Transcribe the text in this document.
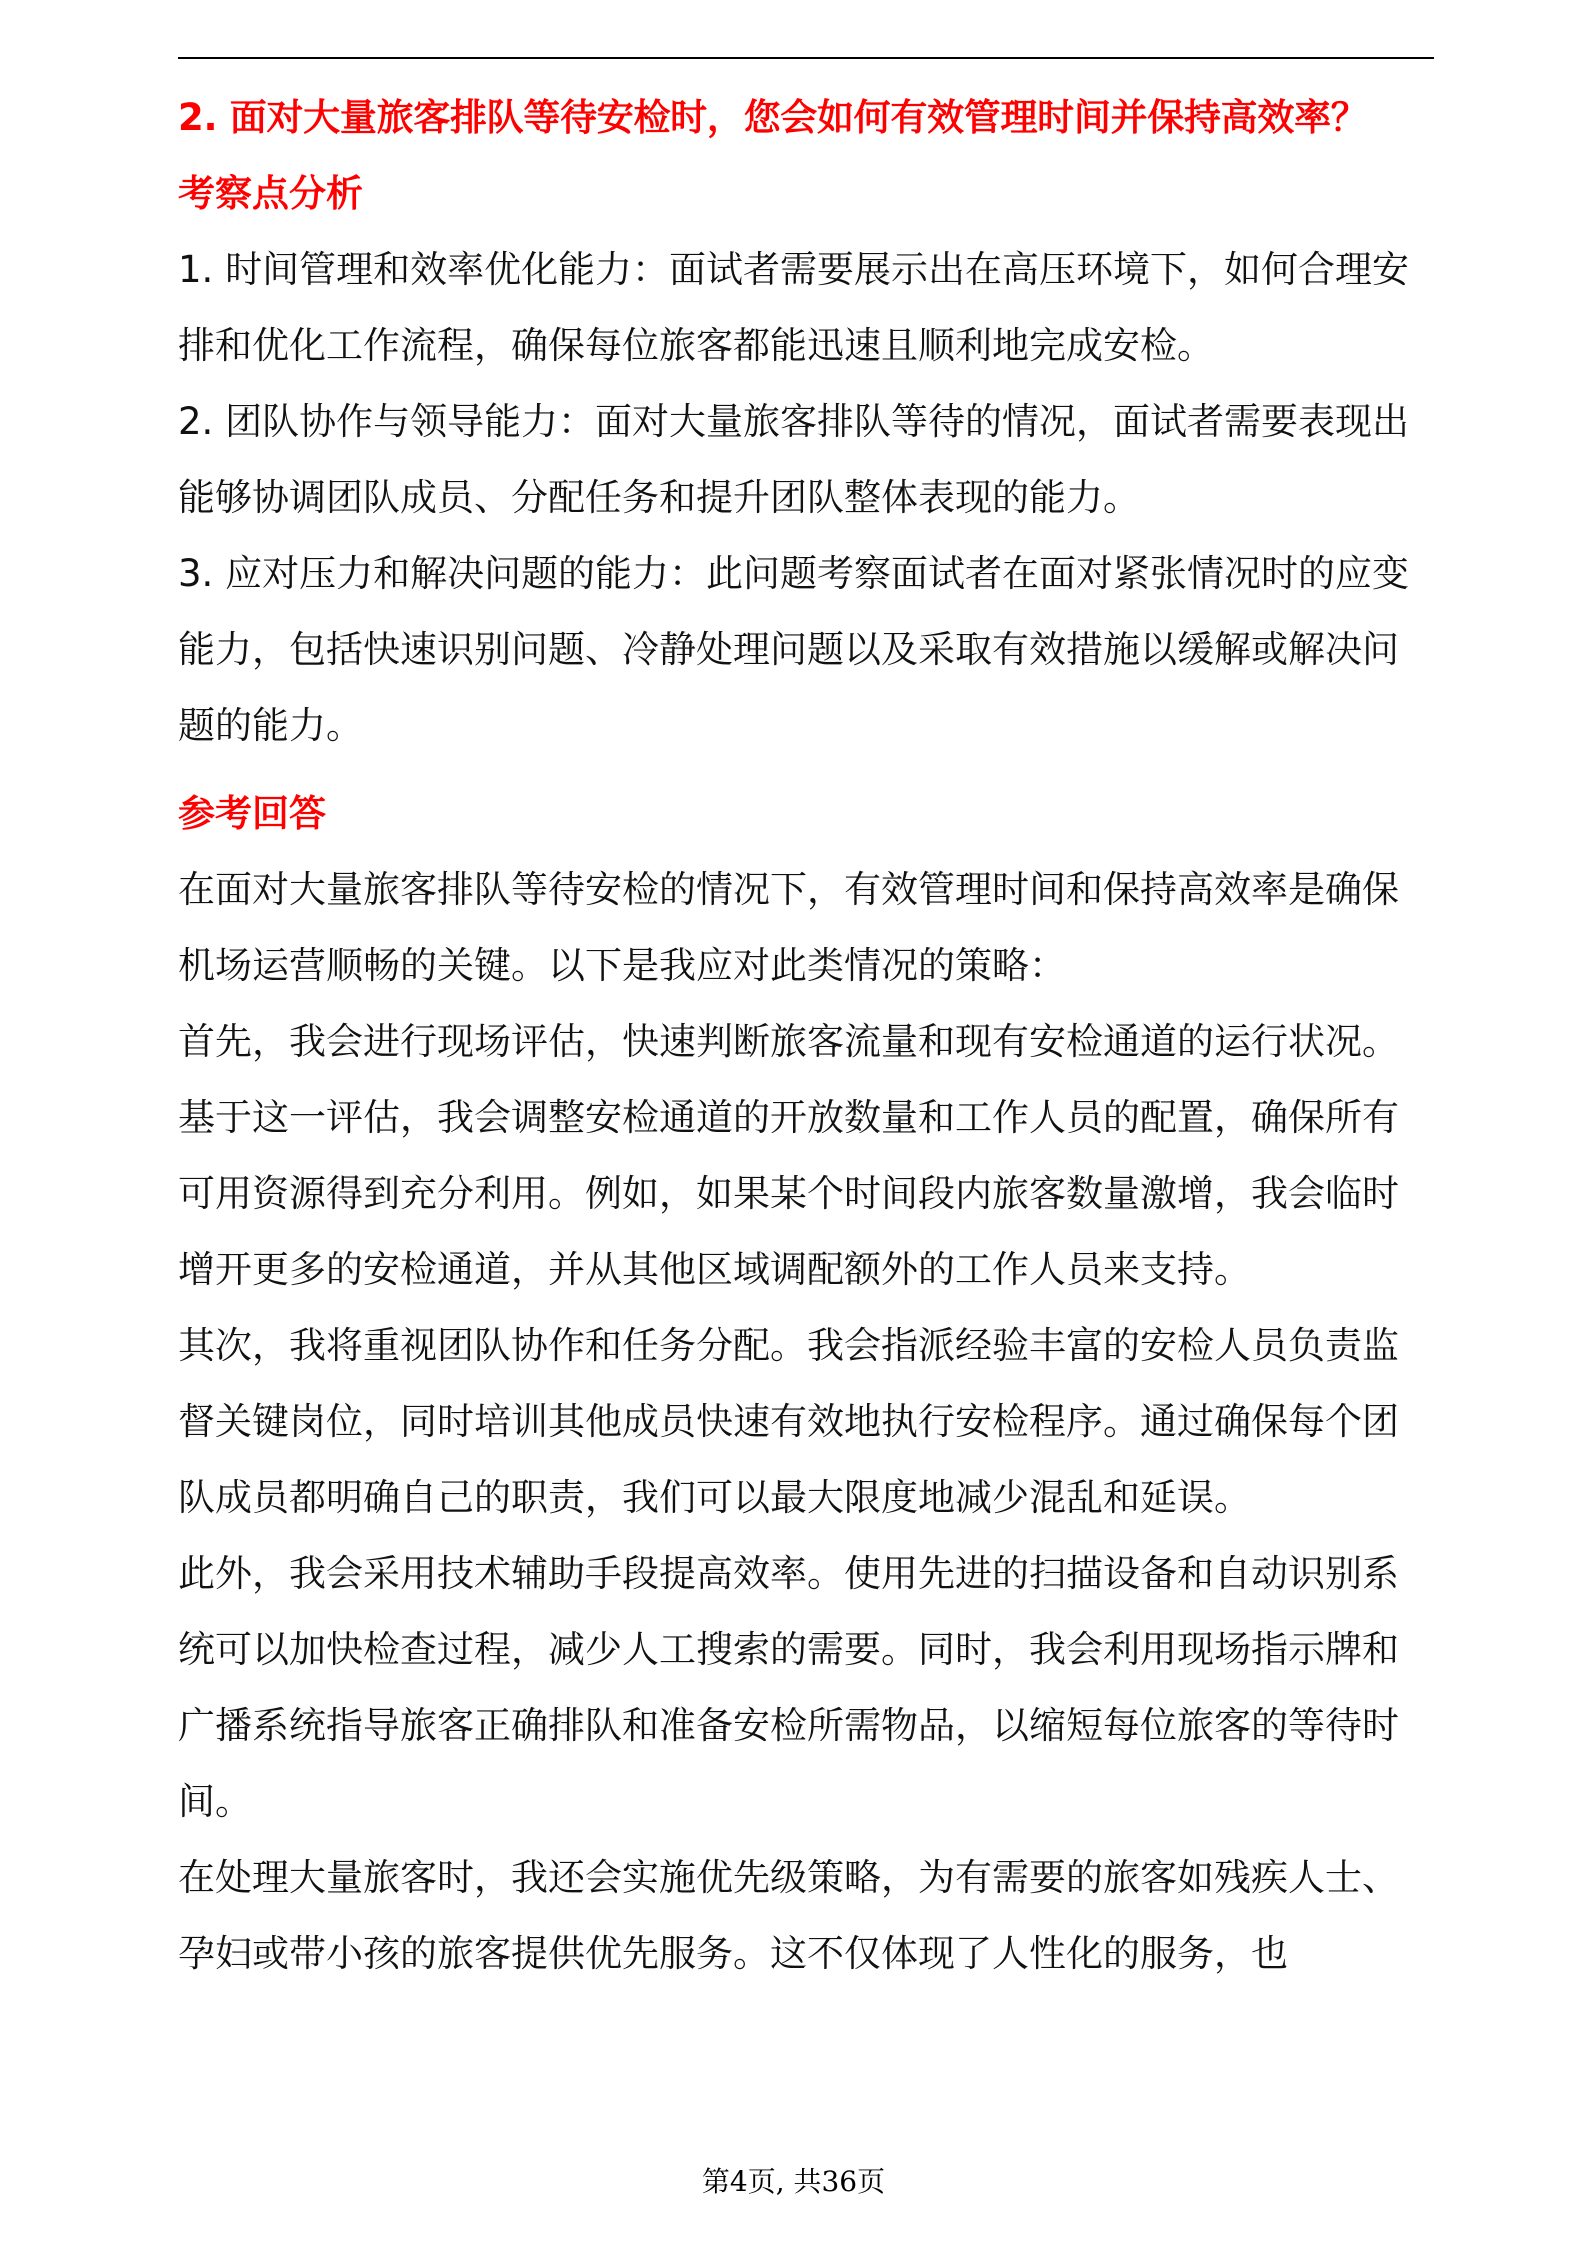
2. 面对大量旅客排队等待安检时，您会如何有效管理时间并保持高效率？

考察点分析

1. 时间管理和效率优化能力：面试者需要展示出在高压环境下，如何合理安排和优化工作流程，确保每位旅客都能迅速且顺利地完成安检。

2. 团队协作与领导能力：面对大量旅客排队等待的情况，面试者需要表现出能够协调团队成员、分配任务和提升团队整体表现的能力。

3. 应对压力和解决问题的能力：此问题考察面试者在面对紧张情况时的应变能力，包括快速识别问题、冷静处理问题以及采取有效措施以缓解或解决问题的能力。

参考回答

在面对大量旅客排队等待安检的情况下，有效管理时间和保持高效率是确保机场运营顺畅的关键。以下是我应对此类情况的策略：

首先，我会进行现场评估，快速判断旅客流量和现有安检通道的运行状况。基于这一评估，我会调整安检通道的开放数量和工作人员的配置，确保所有可用资源得到充分利用。例如，如果某个时间段内旅客数量激增，我会临时增开更多的安检通道，并从其他区域调配额外的工作人员来支持。

其次，我将重视团队协作和任务分配。我会指派经验丰富的安检人员负责监督关键岗位，同时培训其他成员快速有效地执行安检程序。通过确保每个团队成员都明确自己的职责，我们可以最大限度地减少混乱和延误。

此外，我会采用技术辅助手段提高效率。使用先进的扫描设备和自动识别系统可以加快检查过程，减少人工搜索的需要。同时，我会利用现场指示牌和广播系统指导旅客正确排队和准备安检所需物品，以缩短每位旅客的等待时间。

在处理大量旅客时，我还会实施优先级策略，为有需要的旅客如残疾人士、孕妇或带小孩的旅客提供优先服务。这不仅体现了人性化的服务，也

第4页, 共36页
